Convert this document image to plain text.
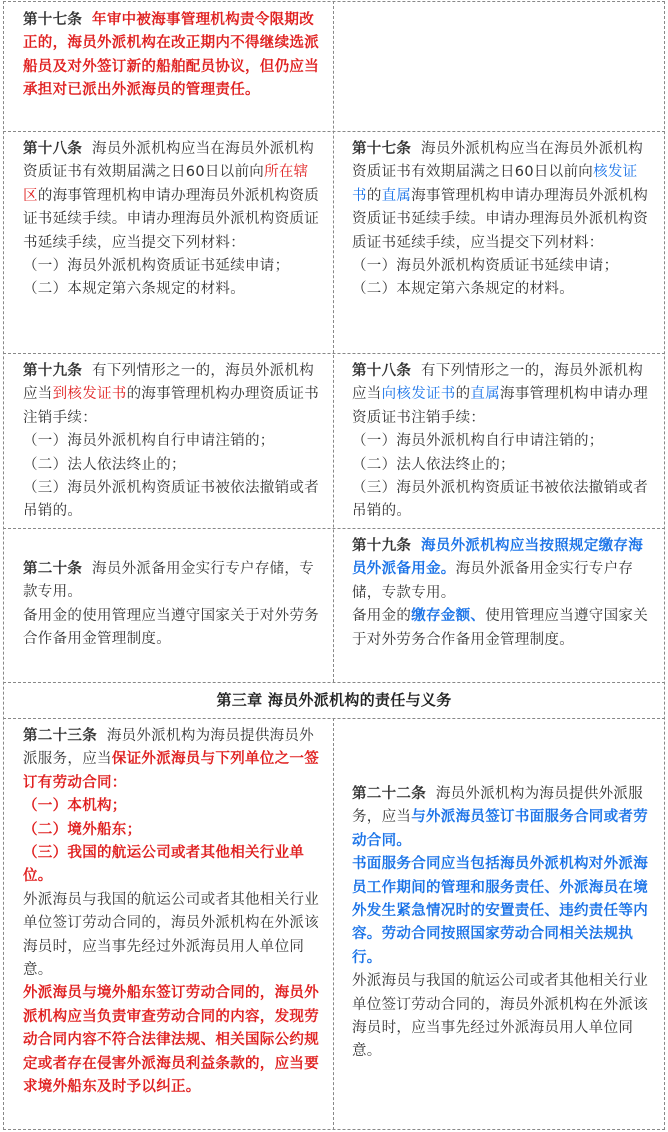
第十七条 年审中被海事管理机构责令限期改正的，海员外派机构在改正期内不得继续选派船员及对外签订新的船舶配员协议，但仍应当承担对已派出外派海员的管理责任。

第十八条 海员外派机构应当在海员外派机构资质证书有效期届满之日60日以前向所在辖区的海事管理机构申请办理海员外派机构资质证书延续手续。申请办理海员外派机构资质证书延续手续，应当提交下列材料：

（一）海员外派机构资质证书延续申请；

（二）本规定第六条规定的材料。

第十七条 海员外派机构应当在海员外派机构资质证书有效期届满之日60日以前向核发证书的直属海事管理机构申请办理海员外派机构资质证书延续手续。申请办理海员外派机构资质证书延续手续，应当提交下列材料：

（一）海员外派机构资质证书延续申请；

（二）本规定第六条规定的材料。

第十九条 有下列情形之一的，海员外派机构应当到核发证书的海事管理机构办理资质证书注销手续：

（一）海员外派机构自行申请注销的；

（二）法人依法终止的；

（三）海员外派机构资质证书被依法撤销或者吊销的。

第十八条 有下列情形之一的，海员外派机构应当向核发证书的直属海事管理机构申请办理资质证书注销手续：

（一）海员外派机构自行申请注销的；

（二）法人依法终止的；

（三）海员外派机构资质证书被依法撤销或者吊销的。

第二十条 海员外派备用金实行专户存储，专款专用。

备用金的使用管理应当遵守国家关于对外劳务合作备用金管理制度。

第十九条 海员外派机构应当按照规定缴存海员外派备用金。海员外派备用金实行专户存储，专款专用。

备用金的缴存金额、使用管理应当遵守国家关于对外劳务合作备用金管理制度。

第三章 海员外派机构的责任与义务

第二十三条 海员外派机构为海员提供海员外派服务，应当保证外派海员与下列单位之一签订有劳动合同：

（一）本机构；

（二）境外船东；

（三）我国的航运公司或者其他相关行业单位。

外派海员与我国的航运公司或者其他相关行业单位签订劳动合同的，海员外派机构在外派该海员时，应当事先经过外派海员用人单位同意。

外派海员与境外船东签订劳动合同的，海员外派机构应当负责审查劳动合同的内容，发现劳动合同内容不符合法律法规、相关国际公约规定或者存在侵害外派海员利益条款的，应当要求境外船东及时予以纠正。

第二十二条 海员外派机构为海员提供外派服务，应当与外派海员签订书面服务合同或者劳动合同。

书面服务合同应当包括海员外派机构对外派海员工作期间的管理和服务责任、外派海员在境外发生紧急情况时的安置责任、违约责任等内容。劳动合同按照国家劳动合同相关法规执行。

外派海员与我国的航运公司或者其他相关行业单位签订劳动合同的，海员外派机构在外派该海员时，应当事先经过外派海员用人单位同意。
